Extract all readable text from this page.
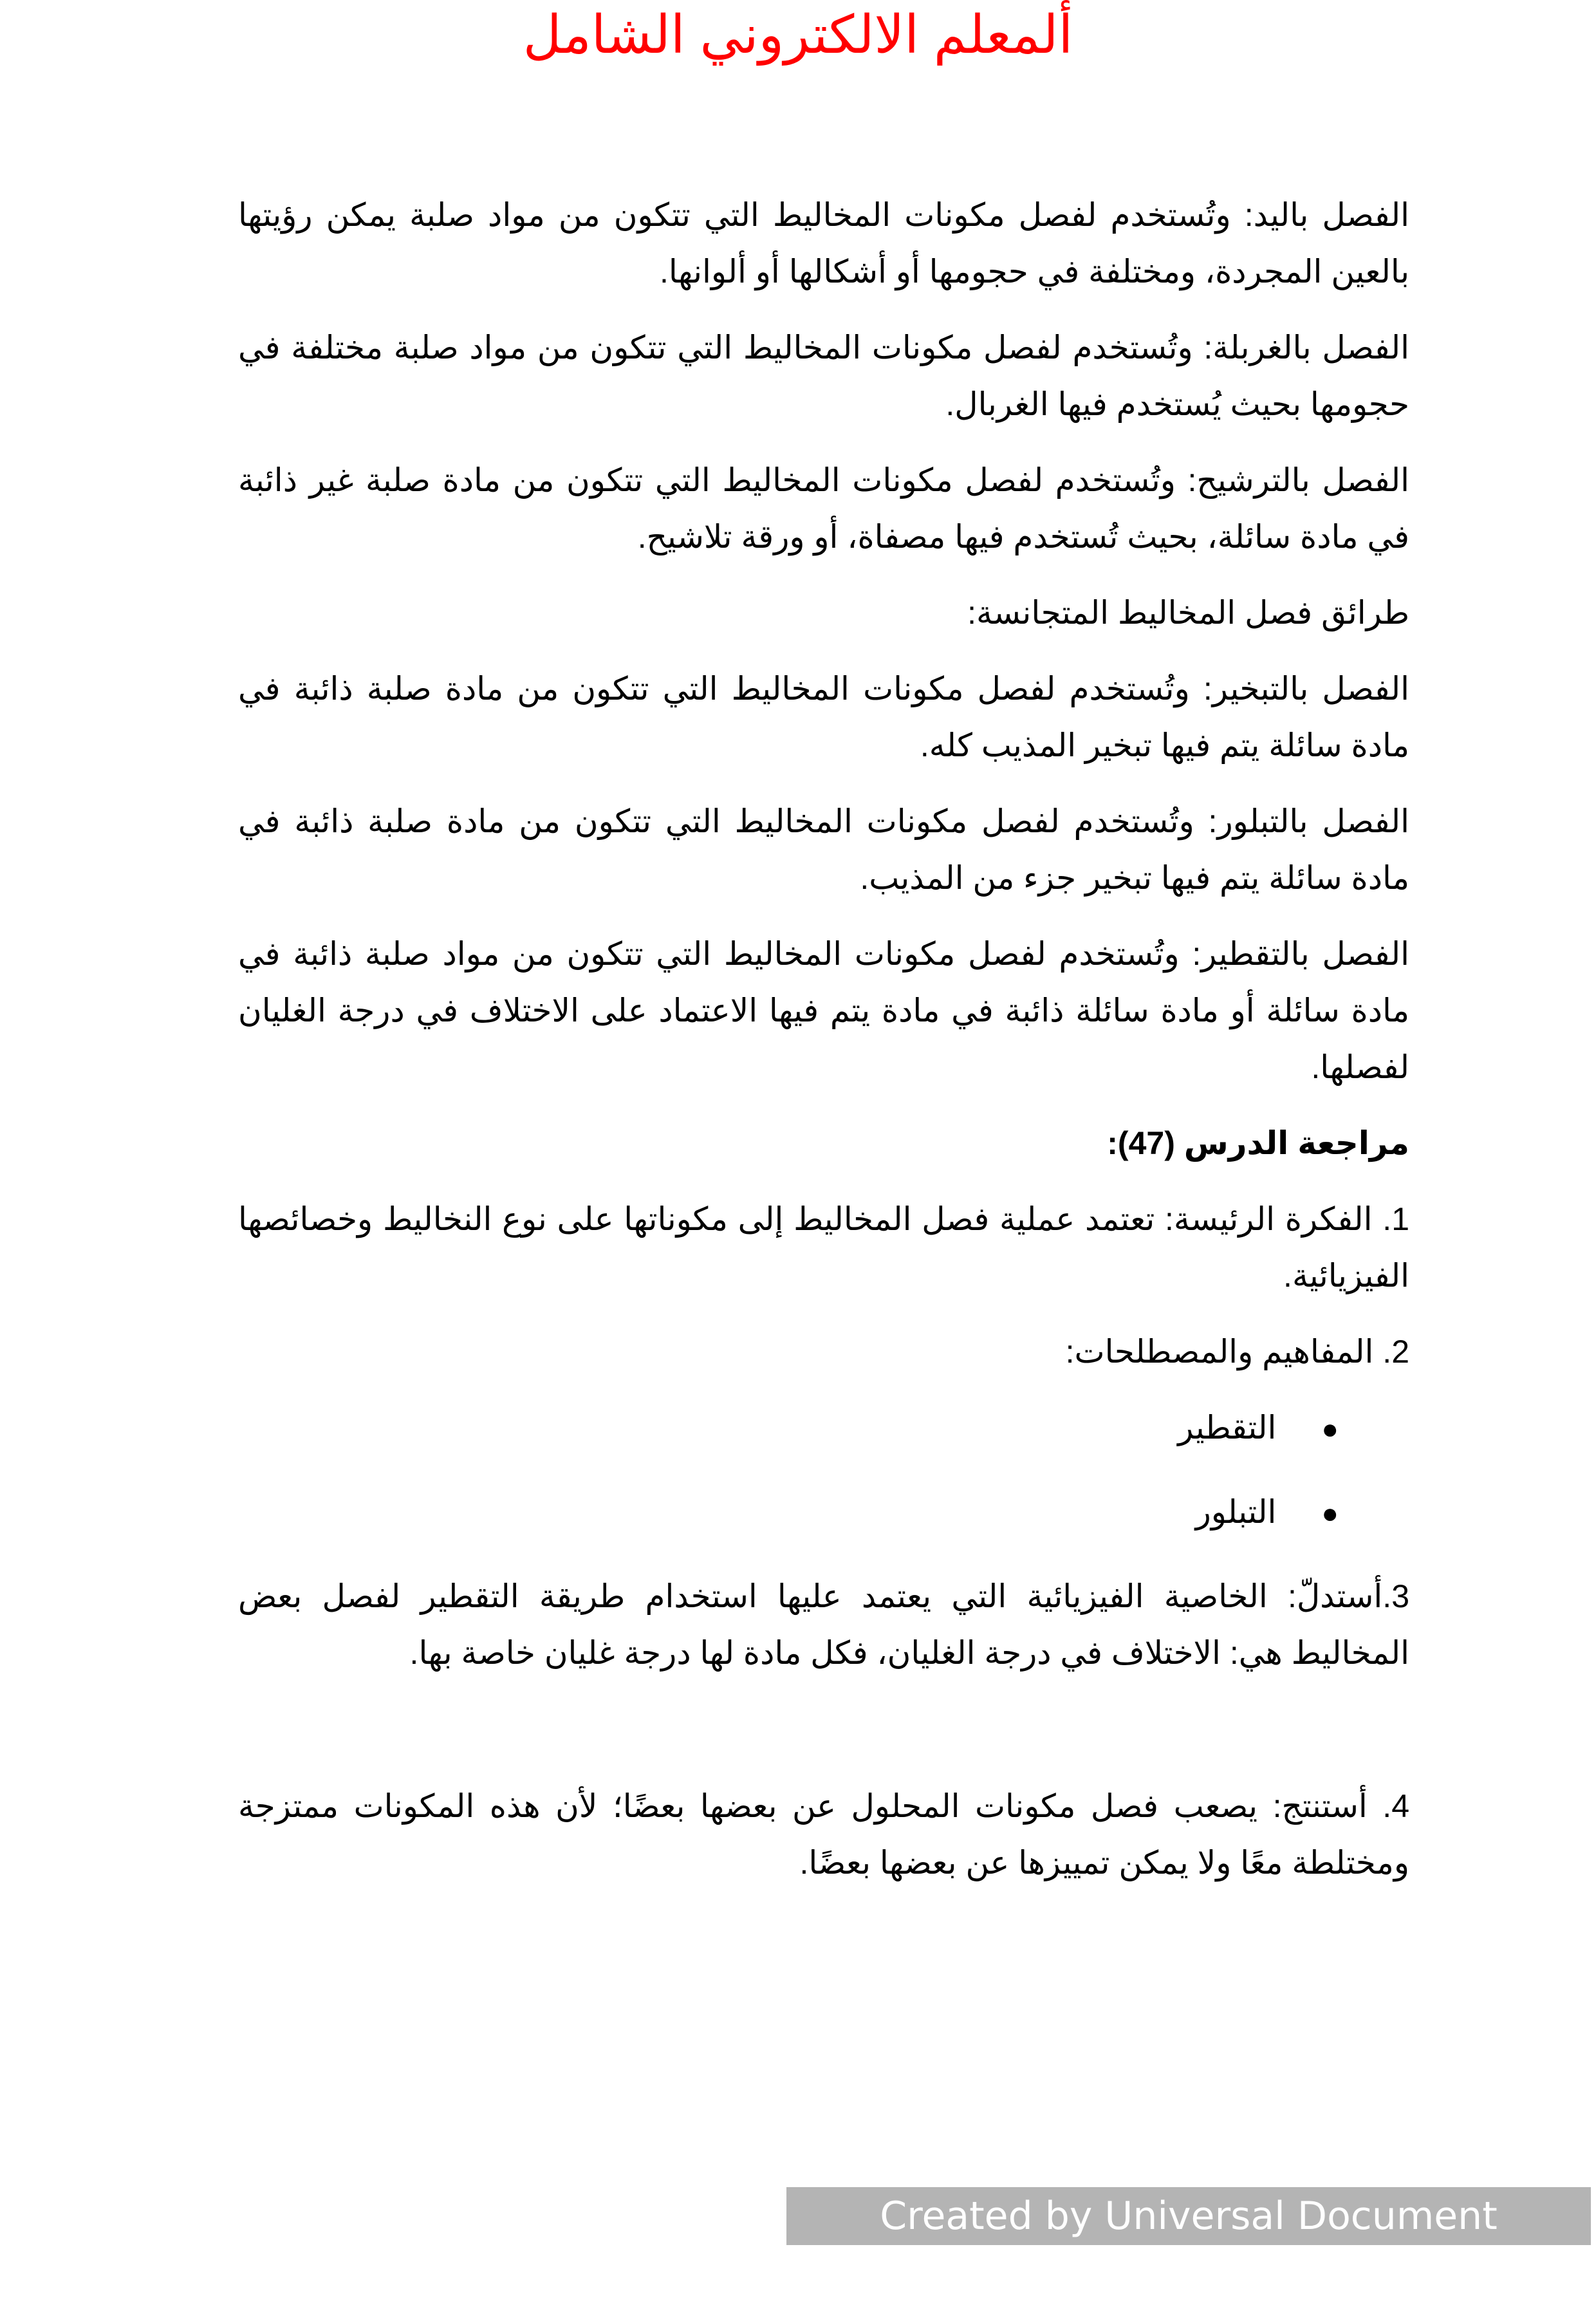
ألمعلم الالكتروني الشامل

الفصل باليد: وتُستخدم لفصل مكونات المخاليط التي تتكون من مواد صلبة يمكن رؤيتها بالعين المجردة، ومختلفة في حجومها أو أشكالها أو ألوانها.

الفصل بالغربلة: وتُستخدم لفصل مكونات المخاليط التي تتكون من مواد صلبة مختلفة في حجومها بحيث يُستخدم فيها الغربال.

الفصل بالترشيح: وتُستخدم لفصل مكونات المخاليط التي تتكون من مادة صلبة غير ذائبة في مادة سائلة، بحيث تُستخدم فيها مصفاة، أو ورقة تلاشيح.

طرائق فصل المخاليط المتجانسة:

الفصل بالتبخير: وتُستخدم لفصل مكونات المخاليط التي تتكون من مادة صلبة ذائبة في مادة سائلة يتم فيها تبخير المذيب كله.

الفصل بالتبلور: وتُستخدم لفصل مكونات المخاليط التي تتكون من مادة صلبة ذائبة في مادة سائلة يتم فيها تبخير جزء من المذيب.

الفصل بالتقطير: وتُستخدم لفصل مكونات المخاليط التي تتكون من مواد صلبة ذائبة في مادة سائلة أو مادة سائلة ذائبة في مادة يتم فيها الاعتماد على الاختلاف في درجة الغليان لفصلها.

مراجعة الدرس (47):

1. الفكرة الرئيسة: تعتمد عملية فصل المخاليط إلى مكوناتها على نوع النخاليط وخصائصها الفيزيائية.

2. المفاهيم والمصطلحات:

●التقطير
●التبلور

3.أستدلّ: الخاصية الفيزيائية التي يعتمد عليها استخدام طريقة التقطير لفصل بعض المخاليط هي: الاختلاف في درجة الغليان، فكل مادة لها درجة غليان خاصة بها.

4. أستنتج: يصعب فصل مكونات المحلول عن بعضها بعضًا؛ لأن هذه المكونات ممتزجة ومختلطة معًا ولا يمكن تمييزها عن بعضها بعضًا.

Created by Universal Document Converter
